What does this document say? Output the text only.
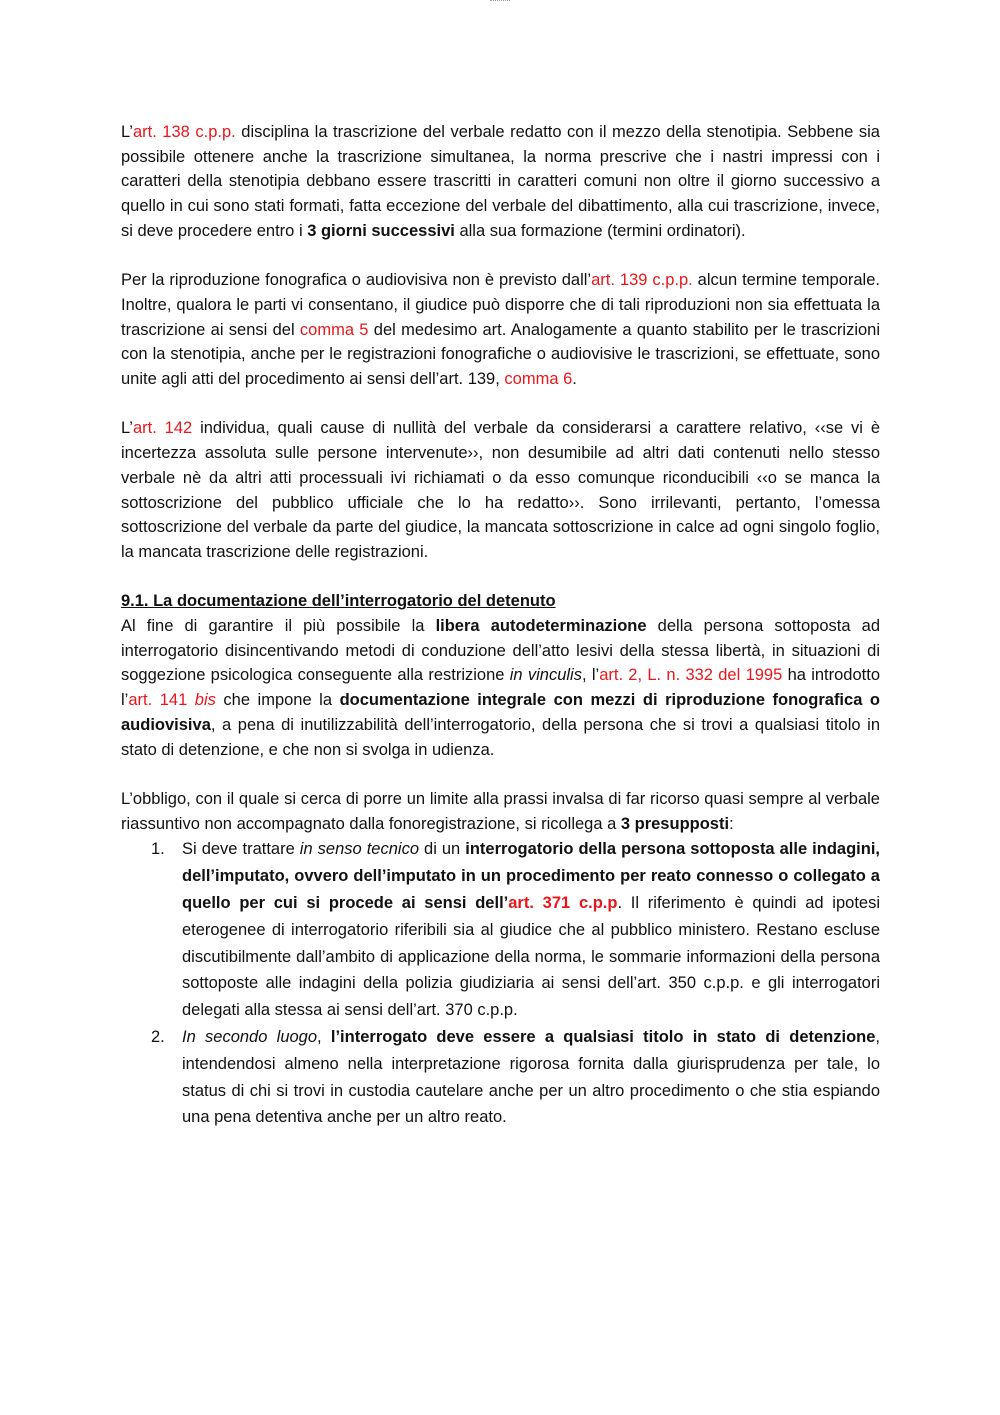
L’art. 138 c.p.p. disciplina la trascrizione del verbale redatto con il mezzo della stenotipia. Sebbene sia possibile ottenere anche la trascrizione simultanea, la norma prescrive che i nastri impressi con i caratteri della stenotipia debbano essere trascritti in caratteri comuni non oltre il giorno successivo a quello in cui sono stati formati, fatta eccezione del verbale del dibattimento, alla cui trascrizione, invece, si deve procedere entro i 3 giorni successivi alla sua formazione (termini ordinatori).

Per la riproduzione fonografica o audiovisiva non è previsto dall’art. 139 c.p.p. alcun termine temporale. Inoltre, qualora le parti vi consentano, il giudice può disporre che di tali riproduzioni non sia effettuata la trascrizione ai sensi del comma 5 del medesimo art. Analogamente a quanto stabilito per le trascrizioni con la stenotipia, anche per le registrazioni fonografiche o audiovisive le trascrizioni, se effettuate, sono unite agli atti del procedimento ai sensi dell’art. 139, comma 6.

L’art. 142 individua, quali cause di nullità del verbale da considerarsi a carattere relativo, ‹‹se vi è incertezza assoluta sulle persone intervenute››, non desumibile ad altri dati contenuti nello stesso verbale nè da altri atti processuali ivi richiamati o da esso comunque riconducibili ‹‹o se manca la sottoscrizione del pubblico ufficiale che lo ha redatto››. Sono irrilevanti, pertanto, l’omessa sottoscrizione del verbale da parte del giudice, la mancata sottoscrizione in calce ad ogni singolo foglio, la mancata trascrizione delle registrazioni.

9.1. La documentazione dell’interrogatorio del detenuto

Al fine di garantire il più possibile la libera autodeterminazione della persona sottoposta ad interrogatorio disincentivando metodi di conduzione dell’atto lesivi della stessa libertà, in situazioni di soggezione psicologica conseguente alla restrizione in vinculis, l’art. 2, L. n. 332 del 1995 ha introdotto l’art. 141 bis che impone la documentazione integrale con mezzi di riproduzione fonografica o audiovisiva, a pena di inutilizzabilità dell’interrogatorio, della persona che si trovi a qualsiasi titolo in stato di detenzione, e che non si svolga in udienza.

L’obbligo, con il quale si cerca di porre un limite alla prassi invalsa di far ricorso quasi sempre al verbale riassuntivo non accompagnato dalla fonoregistrazione, si ricollega a 3 presupposti:

1. Si deve trattare in senso tecnico di un interrogatorio della persona sottoposta alle indagini, dell’imputato, ovvero dell’imputato in un procedimento per reato connesso o collegato a quello per cui si procede ai sensi dell’art. 371 c.p.p. Il riferimento è quindi ad ipotesi eterogenee di interrogatorio riferibili sia al giudice che al pubblico ministero. Restano escluse discutibilmente dall’ambito di applicazione della norma, le sommarie informazioni della persona sottoposte alle indagini della polizia giudiziaria ai sensi dell’art. 350 c.p.p. e gli interrogatori delegati alla stessa ai sensi dell’art. 370 c.p.p.
2. In secondo luogo, l’interrogato deve essere a qualsiasi titolo in stato di detenzione, intendendosi almeno nella interpretazione rigorosa fornita dalla giurisprudenza per tale, lo status di chi si trovi in custodia cautelare anche per un altro procedimento o che stia espiando una pena detentiva anche per un altro reato.
